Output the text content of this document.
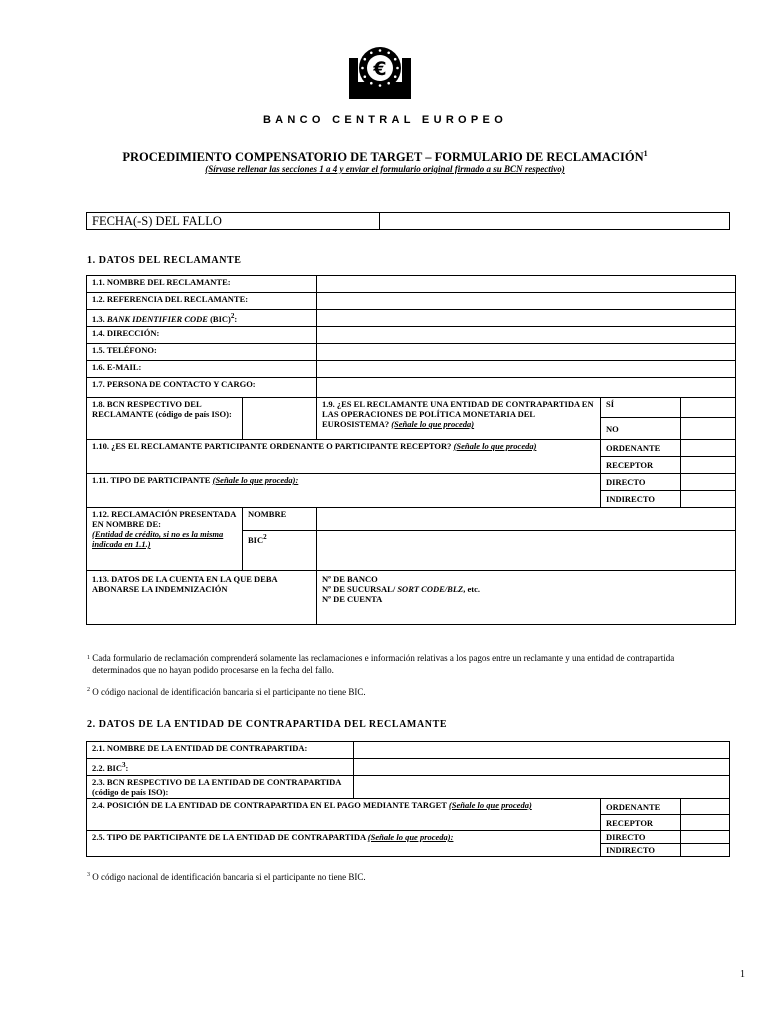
€
BANCO CENTRAL EUROPEO
PROCEDIMIENTO COMPENSATORIO DE TARGET – FORMULARIO DE RECLAMACIÓN$^1$
(Sírvase rellenar las secciones 1 a 4 y enviar el formulario original firmado a su BCN respectivo)
FECHA(-S) DEL FALLO	
1. DATOS DEL RECLAMANTE
1.1. NOMBRE DEL RECLAMANTE:				
1.2. REFERENCIA DEL RECLAMANTE:				
1.3. BANK IDENTIFIER CODE (BIC)$^2$:				
1.4. DIRECCIÓN:				
1.5. TELÉFONO:				
1.6. E-MAIL:				
1.7. PERSONA DE CONTACTO Y CARGO:				
1.8. BCN RESPECTIVO DEL RECLAMANTE (código de país ISO):		1.9. ¿ES EL RECLAMANTE UNA ENTIDAD DE CONTRAPARTIDA EN LAS OPERACIONES DE POLÍTICA MONETARIA DEL EUROSISTEMA? (Señale lo que proceda)	SÍ	
			NO	
1.10. ¿ES EL RECLAMANTE PARTICIPANTE ORDENANTE O PARTICIPANTE RECEPTOR? (Señale lo que proceda)			ORDENANTE	
			RECEPTOR	
1.11. TIPO DE PARTICIPANTE (Señale lo que proceda):			DIRECTO	
			INDIRECTO	
1.12. RECLAMACIÓN PRESENTADA EN NOMBRE DE:
(Entidad de crédito, si no es la misma indicada en 1.1.)	NOMBRE			
	BIC$^2$	
1.13. DATOS DE LA CUENTA EN LA QUE DEBA ABONARSE LA INDEMNIZACIÓN		Nº DE BANCO
Nº DE SUCURSAL/ SORT CODE/BLZ, etc.
Nº DE CUENTA		
$^1$ Cada formulario de reclamación comprenderá solamente las reclamaciones e información relativas a los pagos entre un reclamante y una entidad de contrapartida determinados que no hayan podido procesarse en la fecha del fallo.
$^2$ O código nacional de identificación bancaria si el participante no tiene BIC.
2. DATOS DE LA ENTIDAD DE CONTRAPARTIDA DEL RECLAMANTE
2.1. NOMBRE DE LA ENTIDAD DE CONTRAPARTIDA:			
2.2. BIC$^3$:			
2.3. BCN RESPECTIVO DE LA ENTIDAD DE CONTRAPARTIDA (código de país ISO):			
2.4. POSICIÓN DE LA ENTIDAD DE CONTRAPARTIDA EN EL PAGO MEDIANTE TARGET (Señale lo que proceda)		ORDENANTE	
		RECEPTOR	
2.5. TIPO DE PARTICIPANTE DE LA ENTIDAD DE CONTRAPARTIDA (Señale lo que proceda):		DIRECTO	
		INDIRECTO	
$^3$ O código nacional de identificación bancaria si el participante no tiene BIC.
1
